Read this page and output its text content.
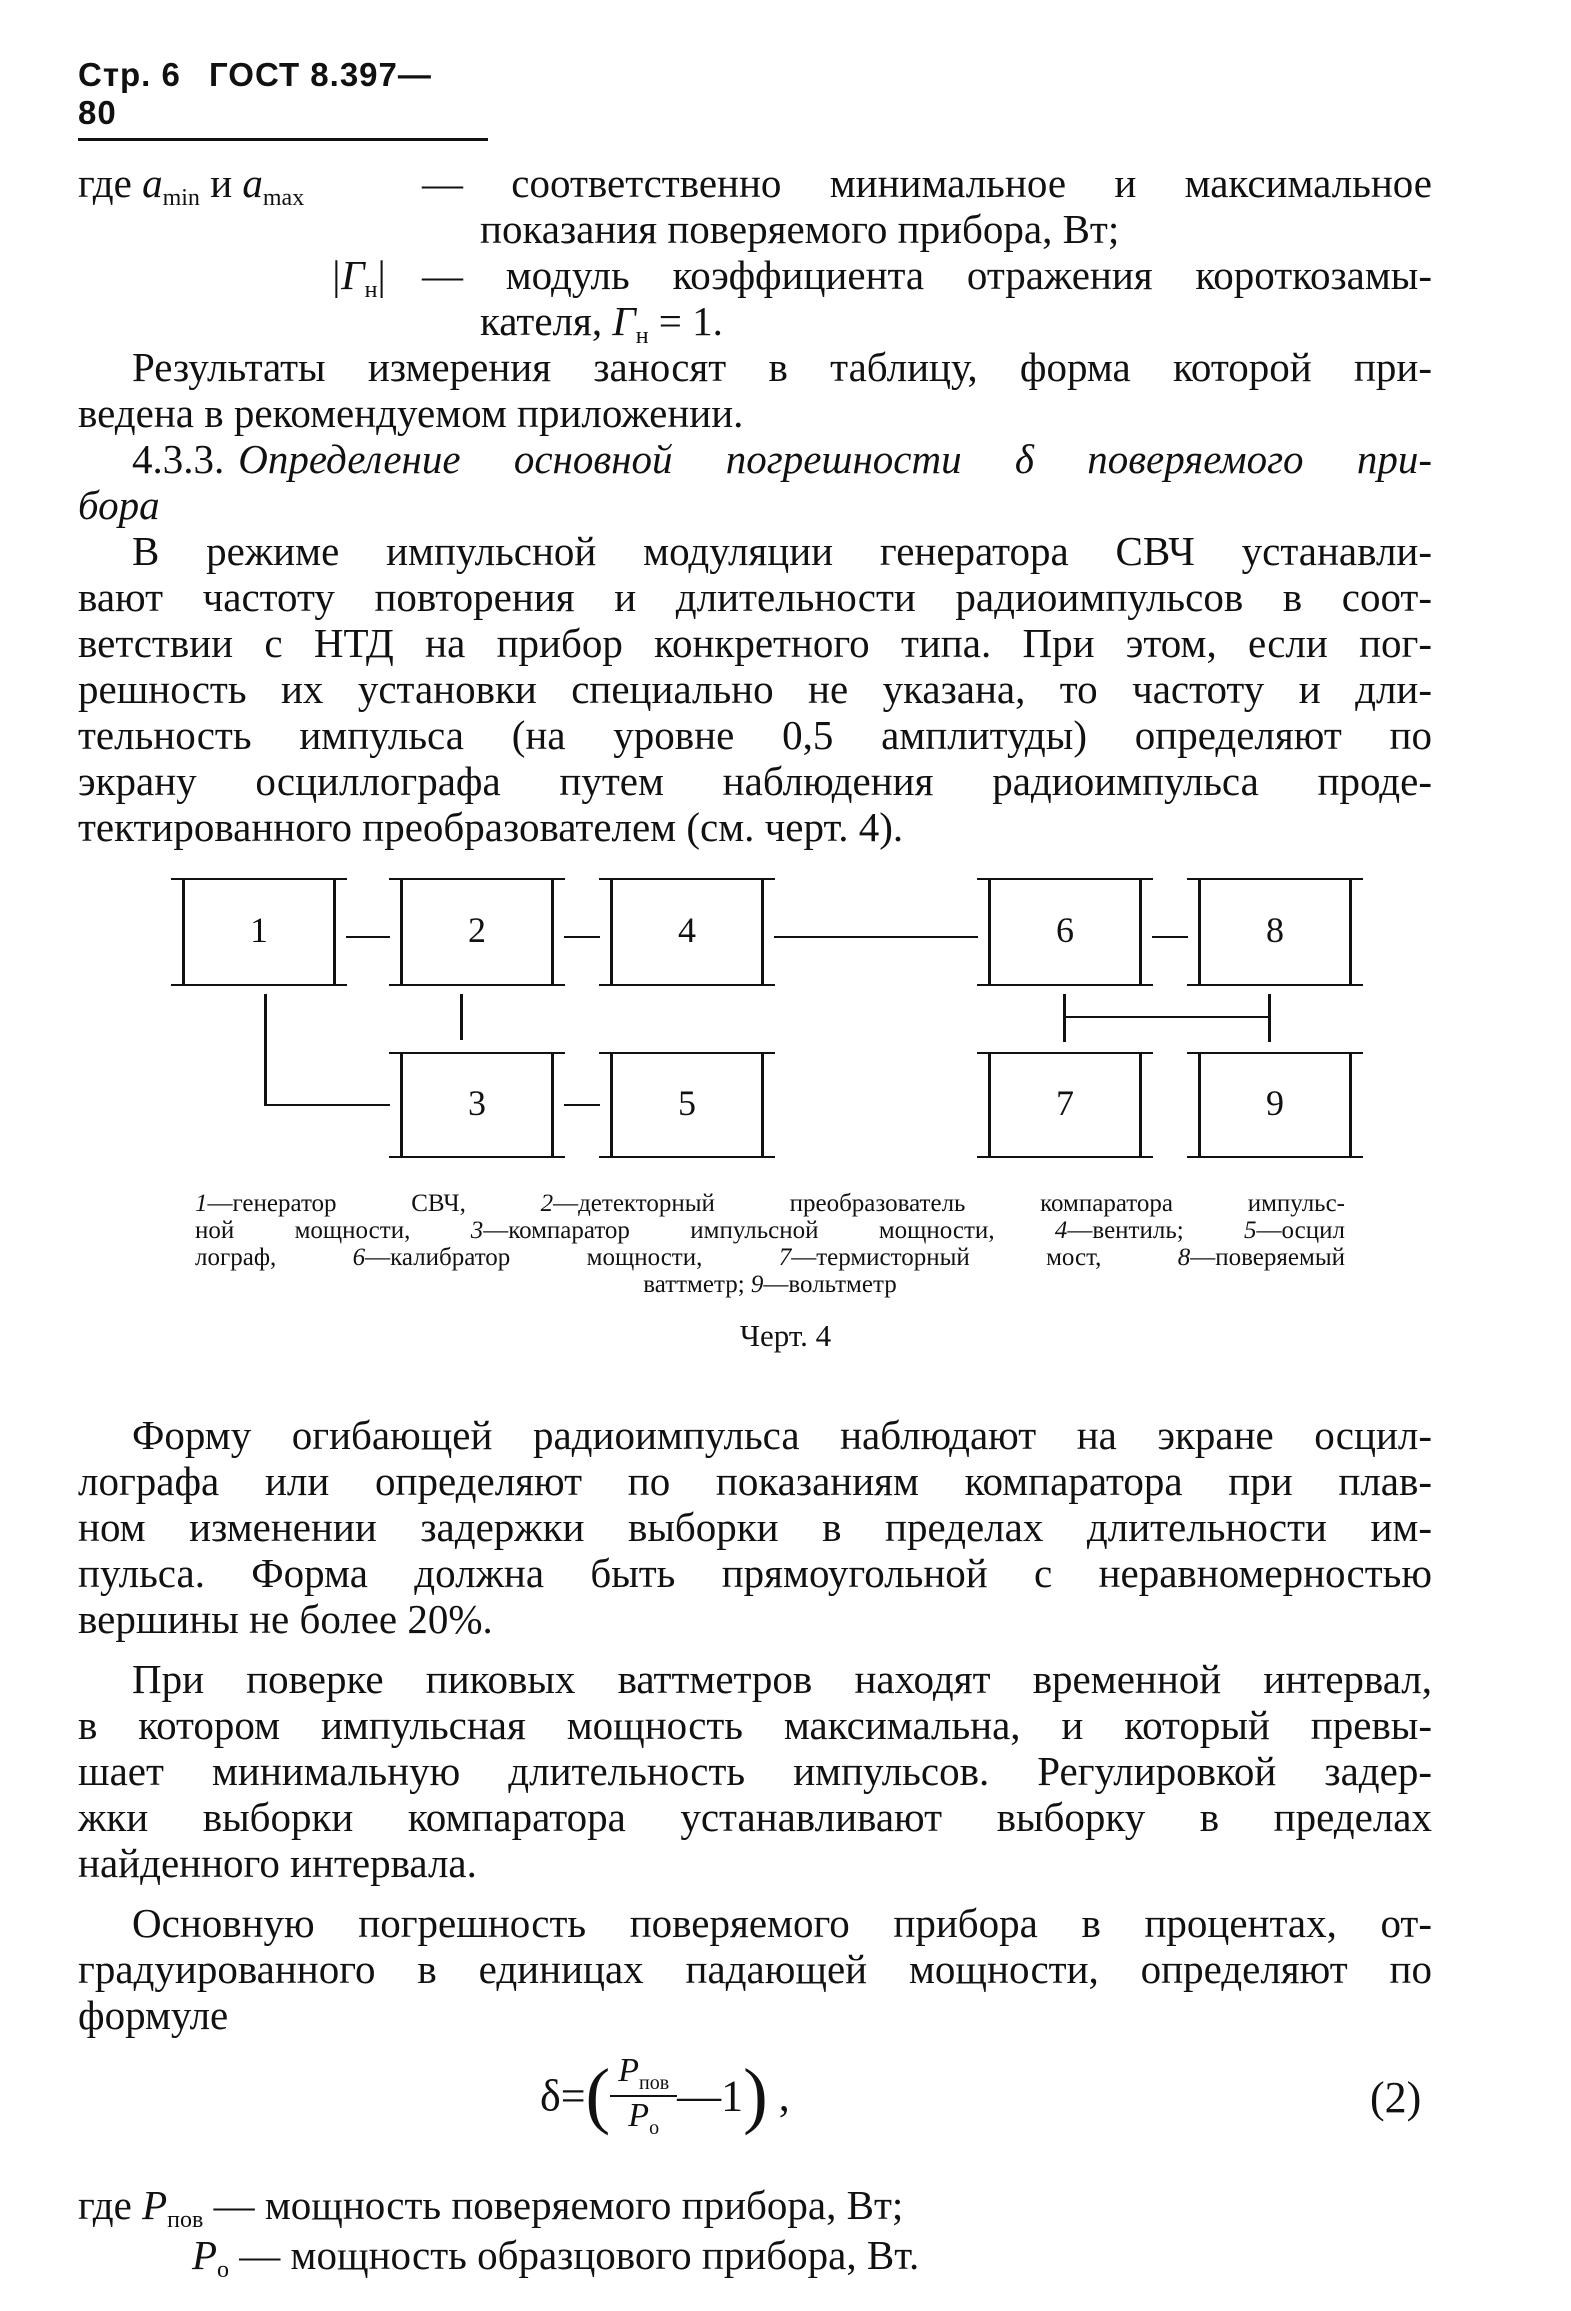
Стр. 6 ГОСТ 8.397—80
где $a_{min}$ и $a_{max}$	— соответственно минимальное и максимальное
показания поверяемого прибора, Вт;
$|\Gamma_н|$ — модуль коэффициента отражения короткозамы-
кателя, $\Gamma_н = 1$.
Результаты измерения заносят в таблицу, форма которой при-
ведена в рекомендуемом приложении.
4.3.3. Определение основной погрешности δ поверяемого при-
бора
В режиме импульсной модуляции генератора СВЧ устанавли-
вают частоту повторения и длительности радиоимпульсов в соот-
ветствии с НТД на прибор конкретного типа. При этом, если пог-
решность их установки специально не указана, то частоту и дли-
тельность импульса (на уровне 0,5 амплитуды) определяют по
экрану осциллографа путем наблюдения радиоимпульса проде-
тектированного преобразователем (см. черт. 4).
1	2	4	6	8
3	5	7	9
1—генератор СВЧ, 2—детекторный преобразователь компаратора импульс-
ной мощности, 3—компаратор импульсной мощности, 4—вентиль; 5—осцил
лограф, 6—калибратор мощности, 7—термисторный мост, 8—поверяемый
ваттметр; 9—вольтметр
Черт. 4
Форму огибающей радиоимпульса наблюдают на экране осцил-
лографа или определяют по показаниям компаратора при плав-
ном изменении задержки выборки в пределах длительности им-
пульса. Форма должна быть прямоугольной с неравномерностью
вершины не более 20%.
При поверке пиковых ваттметров находят временной интервал,
в котором импульсная мощность максимальна, и который превы-
шает минимальную длительность импульсов. Регулировкой задер-
жки выборки компаратора устанавливают выборку в пределах
найденного интервала.
Основную погрешность поверяемого прибора в процентах, от-
градуированного в единицах падающей мощности, определяют по
формуле
$\delta=( \frac{P_{пов}}{P_о}$ —1) ,	(2)
где $P_{пов}$ — мощность поверяемого прибора, Вт;
$P_о$ — мощность образцового прибора, Вт.
